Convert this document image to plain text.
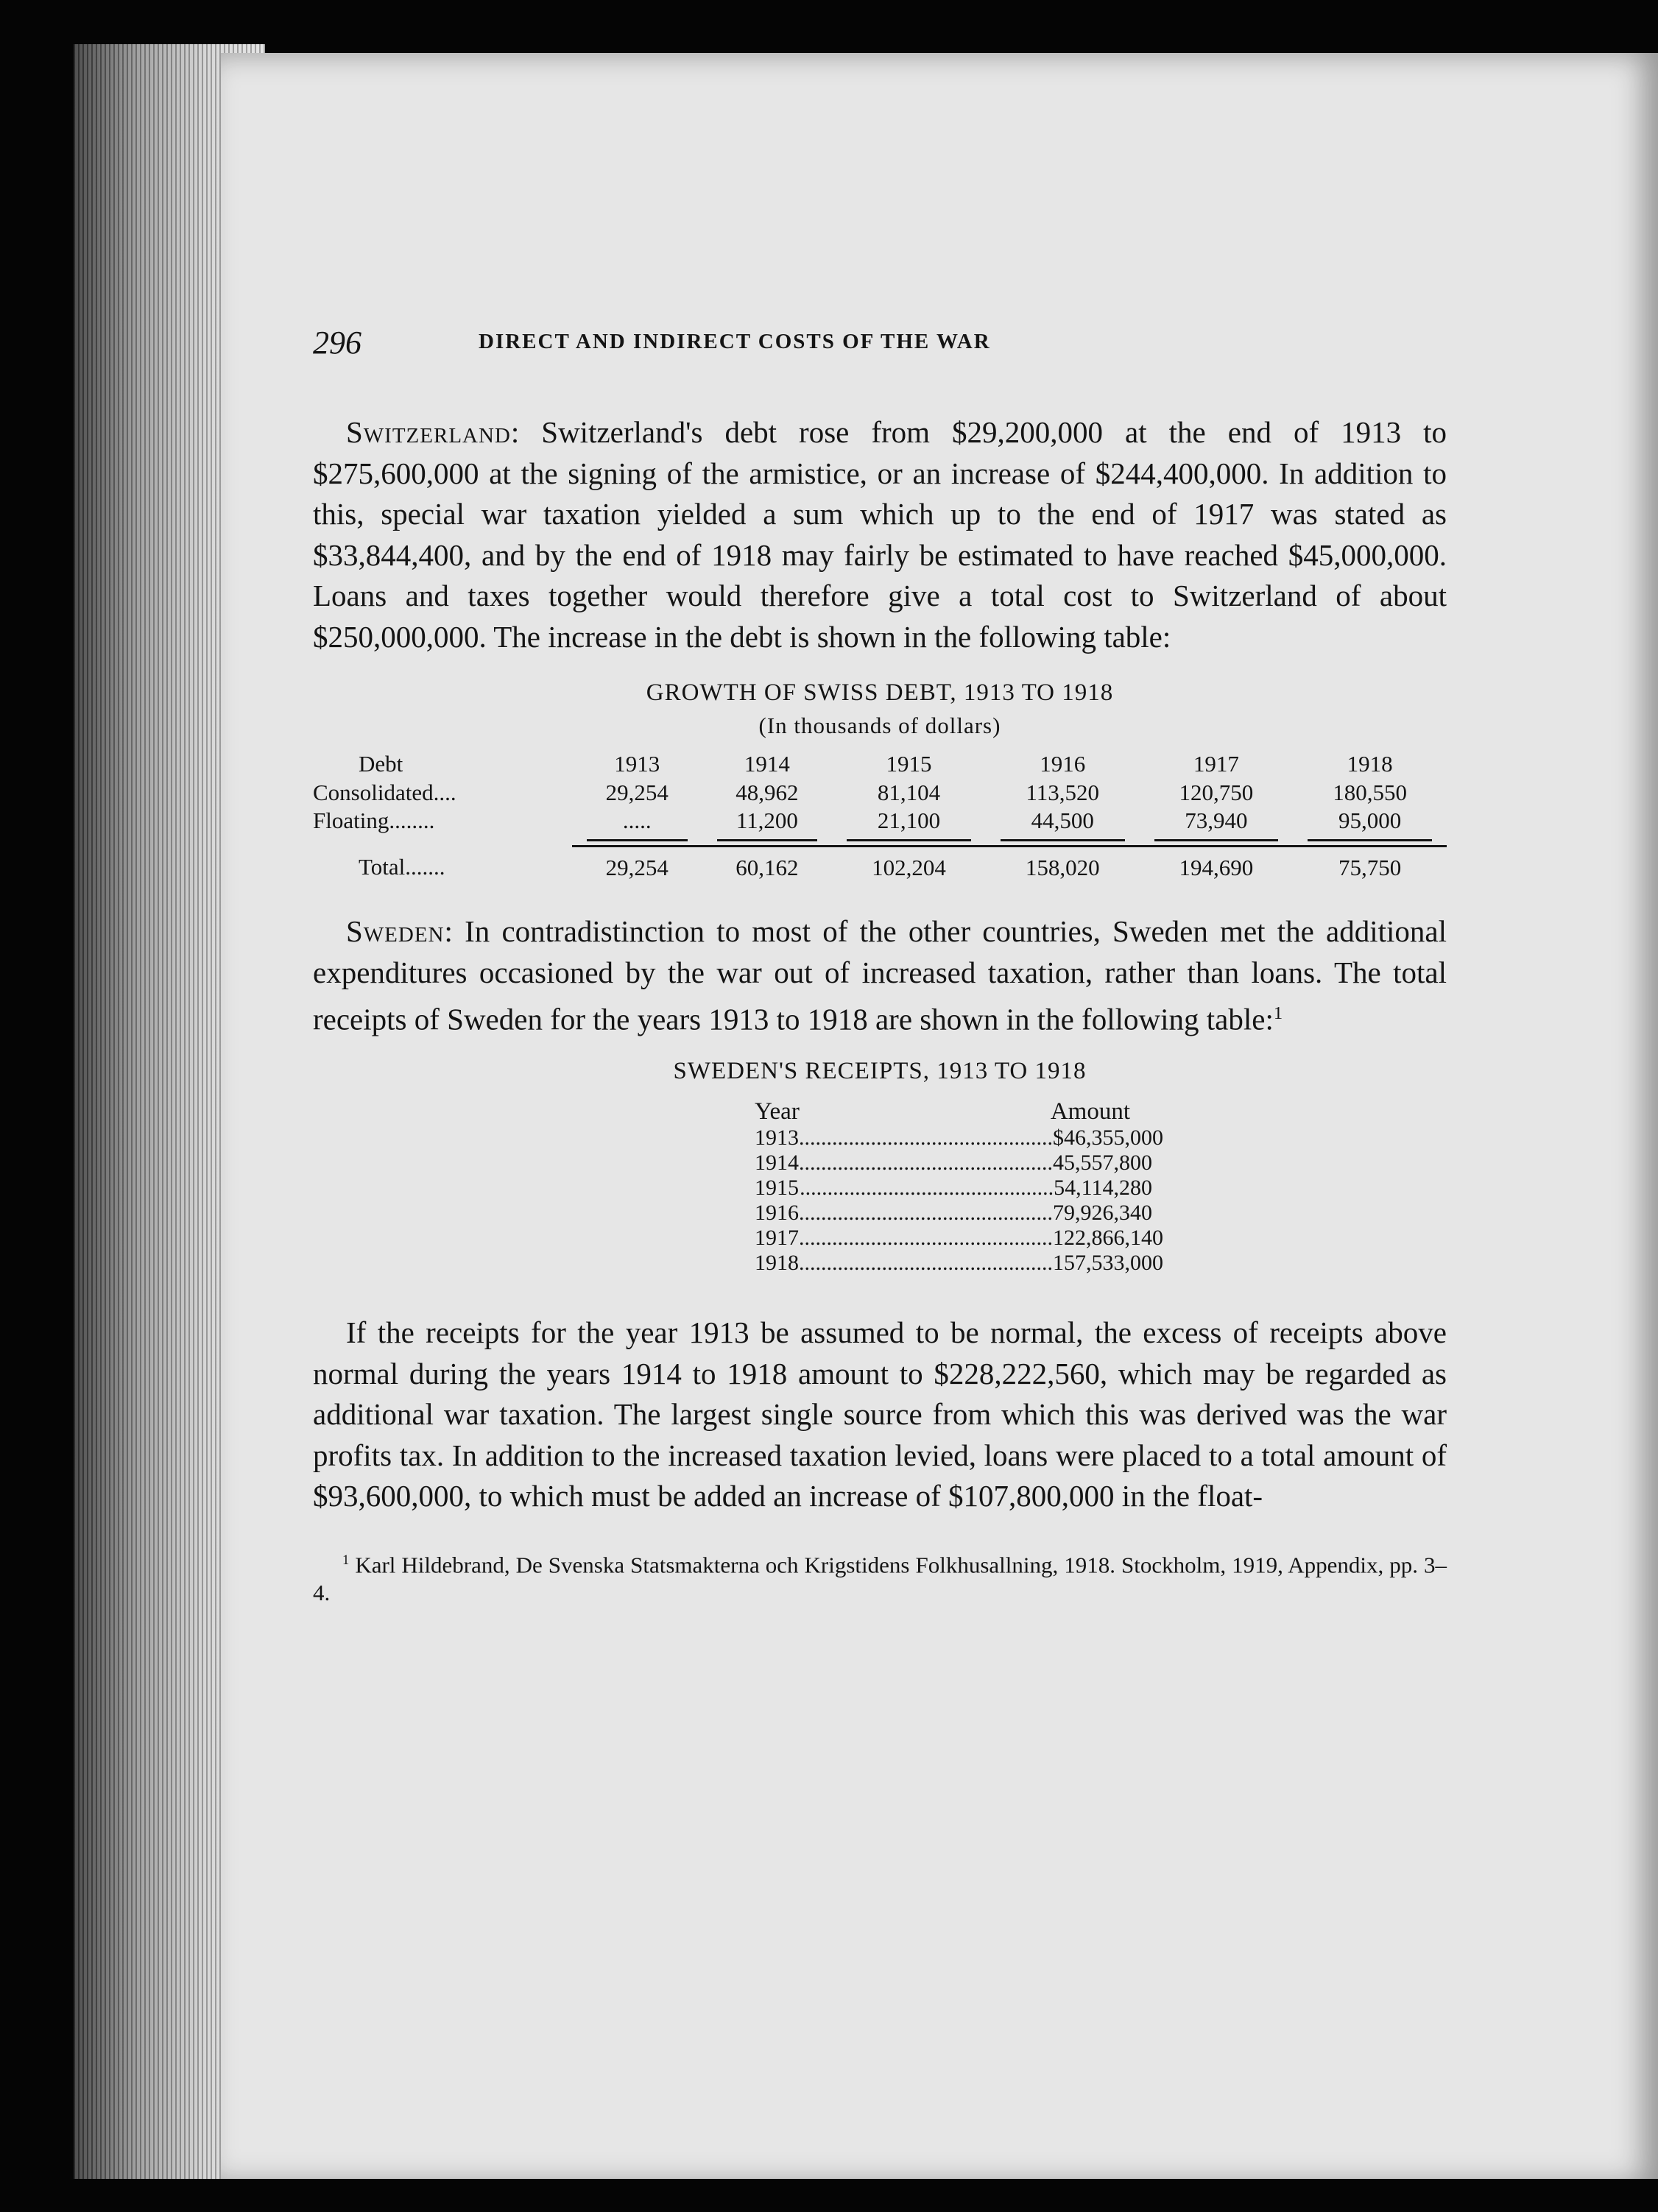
296	DIRECT AND INDIRECT COSTS OF THE WAR

Switzerland: Switzerland's debt rose from $29,200,000 at the end of 1913 to $275,600,000 at the signing of the armistice, or an increase of $244,400,000. In addition to this, special war taxation yielded a sum which up to the end of 1917 was stated as $33,844,400, and by the end of 1918 may fairly be estimated to have reached $45,000,000. Loans and taxes together would therefore give a total cost to Switzerland of about $250,000,000. The increase in the debt is shown in the following table:

GROWTH OF SWISS DEBT, 1913 TO 1918
(In thousands of dollars)
Debt	1913	1914	1915	1916	1917	1918
Consolidated....	29,254	48,962	81,104	113,520	120,750	180,550
Floating........	.....	11,200	21,100	44,500	73,940	95,000

Total.......	29,254	60,162	102,204	158,020	194,690	75,750

Sweden: In contradistinction to most of the other countries, Sweden met the additional expenditures occasioned by the war out of increased taxation, rather than loans. The total receipts of Sweden for the years 1913 to 1918 are shown in the following table:$^1$

SWEDEN'S RECEIPTS, 1913 TO 1918
Year	Amount
1913 .............................................. $46,355,000
1914 .............................................. 45,557,800
1915 .............................................. 54,114,280
1916 .............................................. 79,926,340
1917 .............................................. 122,866,140
1918 .............................................. 157,533,000

If the receipts for the year 1913 be assumed to be normal, the excess of receipts above normal during the years 1914 to 1918 amount to $228,222,560, which may be regarded as additional war taxation. The largest single source from which this was derived was the war profits tax. In addition to the increased taxation levied, loans were placed to a total amount of $93,600,000, to which must be added an increase of $107,800,000 in the float-

$^1$ Karl Hildebrand, De Svenska Statsmakterna och Krigstidens Folkhusallning, 1918. Stockholm, 1919, Appendix, pp. 3–4.
